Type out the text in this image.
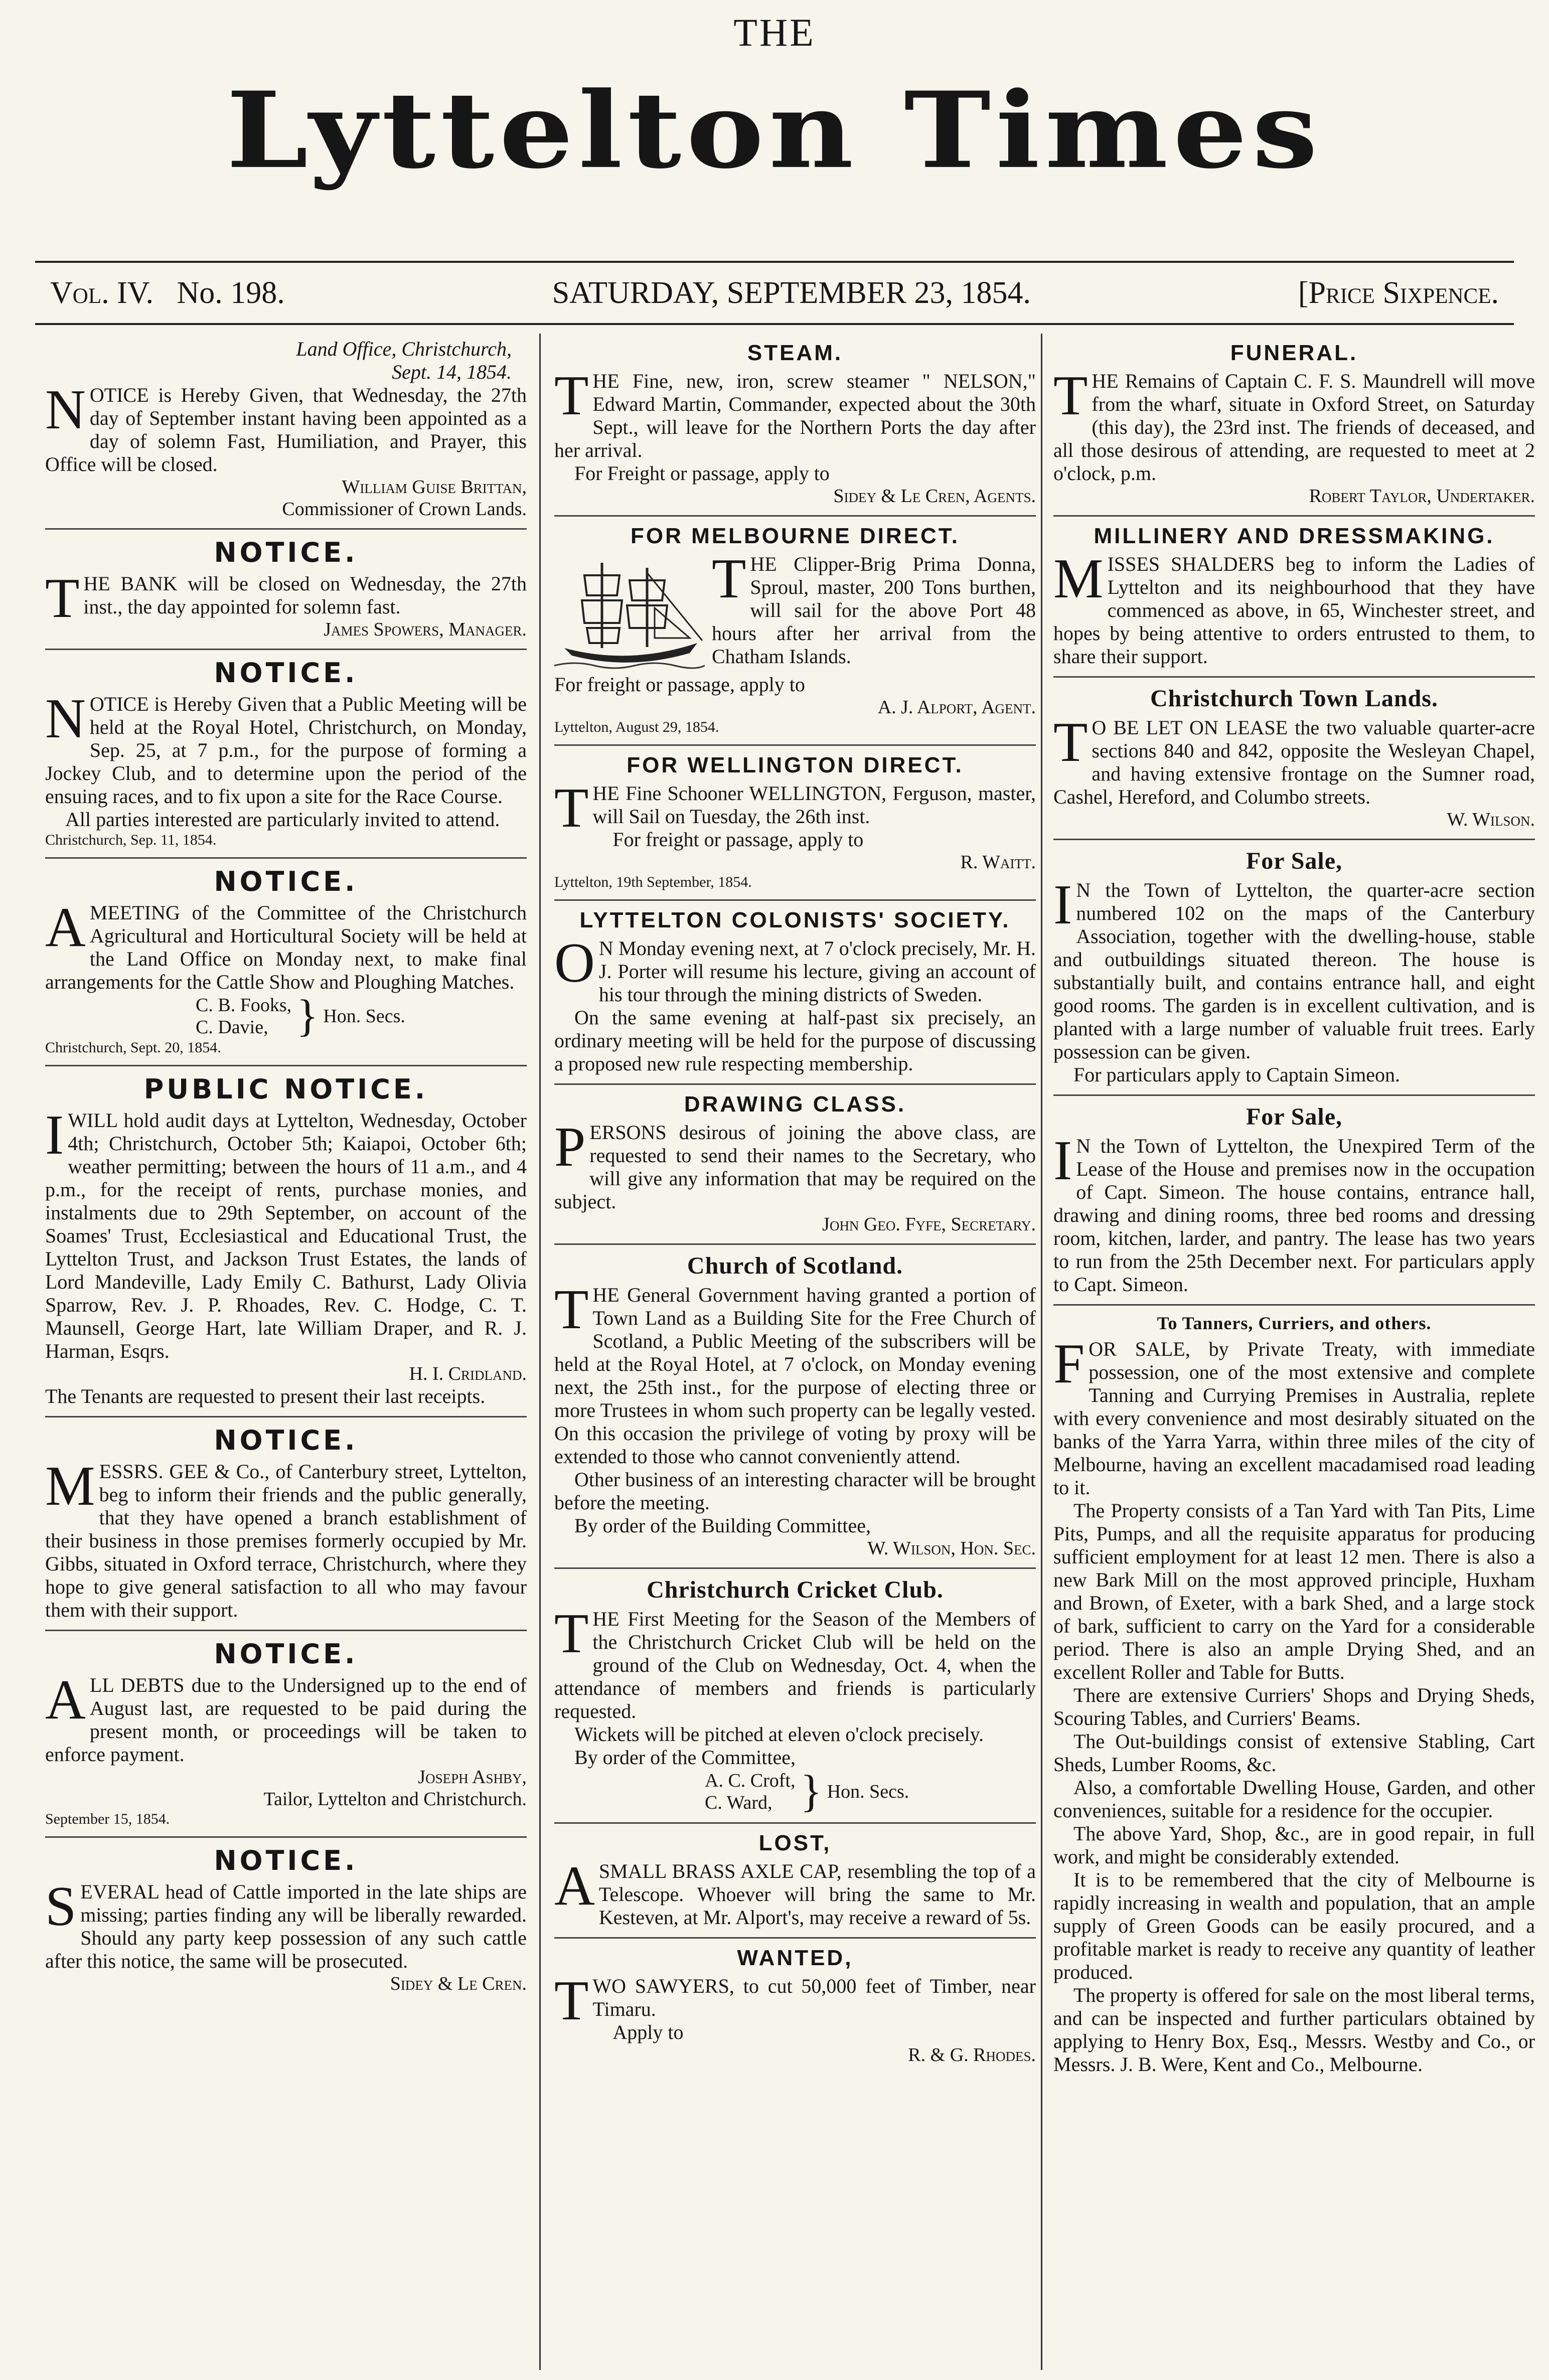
THE
Lyttelton Times
Vol. IV. No. 198.	SATURDAY, SEPTEMBER 23, 1854.	[Price Sixpence.
Land Office, Christchurch,
Sept. 14, 1854.

NOTICE is Hereby Given, that Wednesday, the 27th day of September instant having been appointed as a day of solemn Fast, Humiliation, and Prayer, this Office will be closed.

William Guise Brittan,
Commissioner of Crown Lands.
NOTICE.

THE BANK will be closed on Wednesday, the 27th inst., the day appointed for solemn fast.

James Spowers, Manager.
NOTICE.

NOTICE is Hereby Given that a Public Meeting will be held at the Royal Hotel, Christchurch, on Monday, Sep. 25, at 7 p.m., for the purpose of forming a Jockey Club, and to determine upon the period of the ensuing races, and to fix upon a site for the Race Course.

All parties interested are particularly invited to attend.

Christchurch, Sep. 11, 1854.
NOTICE.

AMEETING of the Committee of the Christchurch Agricultural and Horticultural Society will be held at the Land Office on Monday next, to make final arrangements for the Cattle Show and Ploughing Matches.

C. B. Fooks,
C. Davie, } Hon. Secs.
Christchurch, Sept. 20, 1854.
PUBLIC NOTICE.

IWILL hold audit days at Lyttelton, Wednesday, October 4th; Christchurch, October 5th; Kaiapoi, October 6th; weather permitting; between the hours of 11 a.m., and 4 p.m., for the receipt of rents, purchase monies, and instalments due to 29th September, on account of the Soames' Trust, Ecclesiastical and Educational Trust, the Lyttelton Trust, and Jackson Trust Estates, the lands of Lord Mandeville, Lady Emily C. Bathurst, Lady Olivia Sparrow, Rev. J. P. Rhoades, Rev. C. Hodge, C. T. Maunsell, George Hart, late William Draper, and R. J. Harman, Esqrs.

H. I. Cridland.

The Tenants are requested to present their last receipts.

NOTICE.

MESSRS. GEE & Co., of Canterbury street, Lyttelton, beg to inform their friends and the public generally, that they have opened a branch establishment of their business in those premises formerly occupied by Mr. Gibbs, situated in Oxford terrace, Christchurch, where they hope to give general satisfaction to all who may favour them with their support.

NOTICE.

ALL DEBTS due to the Undersigned up to the end of August last, are requested to be paid during the present month, or proceedings will be taken to enforce payment.

Joseph Ashby,
Tailor, Lyttelton and Christchurch.
September 15, 1854.
NOTICE.

SEVERAL head of Cattle imported in the late ships are missing; parties finding any will be liberally rewarded. Should any party keep possession of any such cattle after this notice, the same will be prosecuted.

Sidey & Le Cren.
STEAM.

THE Fine, new, iron, screw steamer " NELSON," Edward Martin, Commander, expected about the 30th Sept., will leave for the Northern Ports the day after her arrival.

For Freight or passage, apply to

Sidey & Le Cren, Agents.
FOR MELBOURNE DIRECT.

THE Clipper-Brig Prima Donna, Sproul, master, 200 Tons burthen, will sail for the above Port 48 hours after her arrival from the Chatham Islands.

For freight or passage, apply to

A. J. Alport, Agent.
Lyttelton, August 29, 1854.
FOR WELLINGTON DIRECT.

THE Fine Schooner WELLINGTON, Ferguson, master, will Sail on Tuesday, the 26th inst.

For freight or passage, apply to

R. Waitt.
Lyttelton, 19th September, 1854.
LYTTELTON COLONISTS' SOCIETY.

O N Monday evening next, at 7 o'clock precisely, Mr. H. J. Porter will resume his lecture, giving an account of his tour through the mining districts of Sweden.

On the same evening at half-past six precisely, an ordinary meeting will be held for the purpose of discussing a proposed new rule respecting membership.

DRAWING CLASS.

PERSONS desirous of joining the above class, are requested to send their names to the Secretary, who will give any information that may be required on the subject.

John Geo. Fyfe, Secretary.
Church of Scotland.

THE General Government having granted a portion of Town Land as a Building Site for the Free Church of Scotland, a Public Meeting of the subscribers will be held at the Royal Hotel, at 7 o'clock, on Monday evening next, the 25th inst., for the purpose of electing three or more Trustees in whom such property can be legally vested. On this occasion the privilege of voting by proxy will be extended to those who cannot conveniently attend.

Other business of an interesting character will be brought before the meeting.

By order of the Building Committee,

W. Wilson, Hon. Sec.
Christchurch Cricket Club.

THE First Meeting for the Season of the Members of the Christchurch Cricket Club will be held on the ground of the Club on Wednesday, Oct. 4, when the attendance of members and friends is particularly requested.

Wickets will be pitched at eleven o'clock precisely.

By order of the Committee,

A. C. Croft,
C. Ward, } Hon. Secs.
LOST,

ASMALL BRASS AXLE CAP, resembling the top of a Telescope. Whoever will bring the same to Mr. Kesteven, at Mr. Alport's, may receive a reward of 5s.

WANTED,

TWO SAWYERS, to cut 50,000 feet of Timber, near Timaru.

Apply to

R. & G. Rhodes.
FUNERAL.

THE Remains of Captain C. F. S. Maundrell will move from the wharf, situate in Oxford Street, on Saturday (this day), the 23rd inst. The friends of deceased, and all those desirous of attending, are requested to meet at 2 o'clock, p.m.

Robert Taylor, Undertaker.
MILLINERY AND DRESSMAKING.

MISSES SHALDERS beg to inform the Ladies of Lyttelton and its neighbourhood that they have commenced as above, in 65, Winchester street, and hopes by being attentive to orders entrusted to them, to share their support.

Christchurch Town Lands.

T O BE LET ON LEASE the two valuable quarter-acre sections 840 and 842, opposite the Wesleyan Chapel, and having extensive frontage on the Sumner road, Cashel, Hereford, and Columbo streets.

W. Wilson.
For Sale,

I N the Town of Lyttelton, the quarter-acre section numbered 102 on the maps of the Canterbury Association, together with the dwelling-house, stable and outbuildings situated thereon. The house is substantially built, and contains entrance hall, and eight good rooms. The garden is in excellent cultivation, and is planted with a large number of valuable fruit trees. Early possession can be given.

For particulars apply to Captain Simeon.

For Sale,

I N the Town of Lyttelton, the Unexpired Term of the Lease of the House and premises now in the occupation of Capt. Simeon. The house contains, entrance hall, drawing and dining rooms, three bed rooms and dressing room, kitchen, larder, and pantry. The lease has two years to run from the 25th December next. For particulars apply to Capt. Simeon.

To Tanners, Curriers, and others.

FOR SALE, by Private Treaty, with immediate possession, one of the most extensive and complete Tanning and Currying Premises in Australia, replete with every convenience and most desirably situated on the banks of the Yarra Yarra, within three miles of the city of Melbourne, having an excellent macadamised road leading to it.

The Property consists of a Tan Yard with Tan Pits, Lime Pits, Pumps, and all the requisite apparatus for producing sufficient employment for at least 12 men. There is also a new Bark Mill on the most approved principle, Huxham and Brown, of Exeter, with a bark Shed, and a large stock of bark, sufficient to carry on the Yard for a considerable period. There is also an ample Drying Shed, and an excellent Roller and Table for Butts.

There are extensive Curriers' Shops and Drying Sheds, Scouring Tables, and Curriers' Beams.

The Out-buildings consist of extensive Stabling, Cart Sheds, Lumber Rooms, &c.

Also, a comfortable Dwelling House, Garden, and other conveniences, suitable for a residence for the occupier.

The above Yard, Shop, &c., are in good repair, in full work, and might be considerably extended.

It is to be remembered that the city of Melbourne is rapidly increasing in wealth and population, that an ample supply of Green Goods can be easily procured, and a profitable market is ready to receive any quantity of leather produced.

The property is offered for sale on the most liberal terms, and can be inspected and further particulars obtained by applying to Henry Box, Esq., Messrs. Westby and Co., or Messrs. J. B. Were, Kent and Co., Melbourne.
